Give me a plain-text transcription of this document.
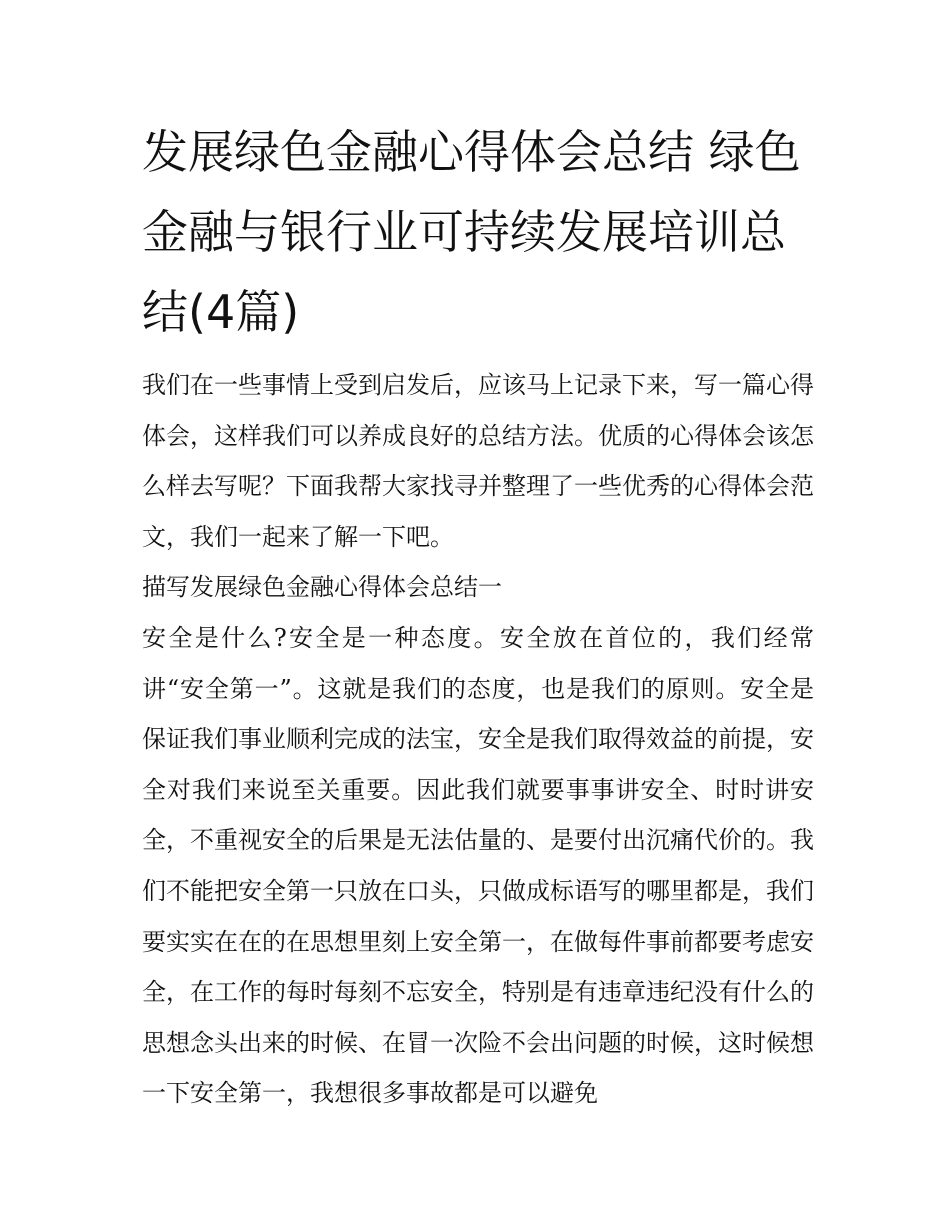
发展绿色金融心得体会总结 绿色金融与银行业可持续发展培训总结(4篇)

我们在一些事情上受到启发后，应该马上记录下来，写一篇心得体会，这样我们可以养成良好的总结方法。优质的心得体会该怎么样去写呢？下面我帮大家找寻并整理了一些优秀的心得体会范文，我们一起来了解一下吧。

描写发展绿色金融心得体会总结一

安全是什么?安全是一种态度。安全放在首位的，我们经常讲“安全第一”。这就是我们的态度，也是我们的原则。安全是保证我们事业顺利完成的法宝，安全是我们取得效益的前提，安全对我们来说至关重要。因此我们就要事事讲安全、时时讲安全，不重视安全的后果是无法估量的、是要付出沉痛代价的。我们不能把安全第一只放在口头，只做成标语写的哪里都是，我们要实实在在的在思想里刻上安全第一，在做每件事前都要考虑安全，在工作的每时每刻不忘安全，特别是有违章违纪没有什么的思想念头出来的时候、在冒一次险不会出问题的时候，这时候想一下安全第一，我想很多事故都是可以避免
